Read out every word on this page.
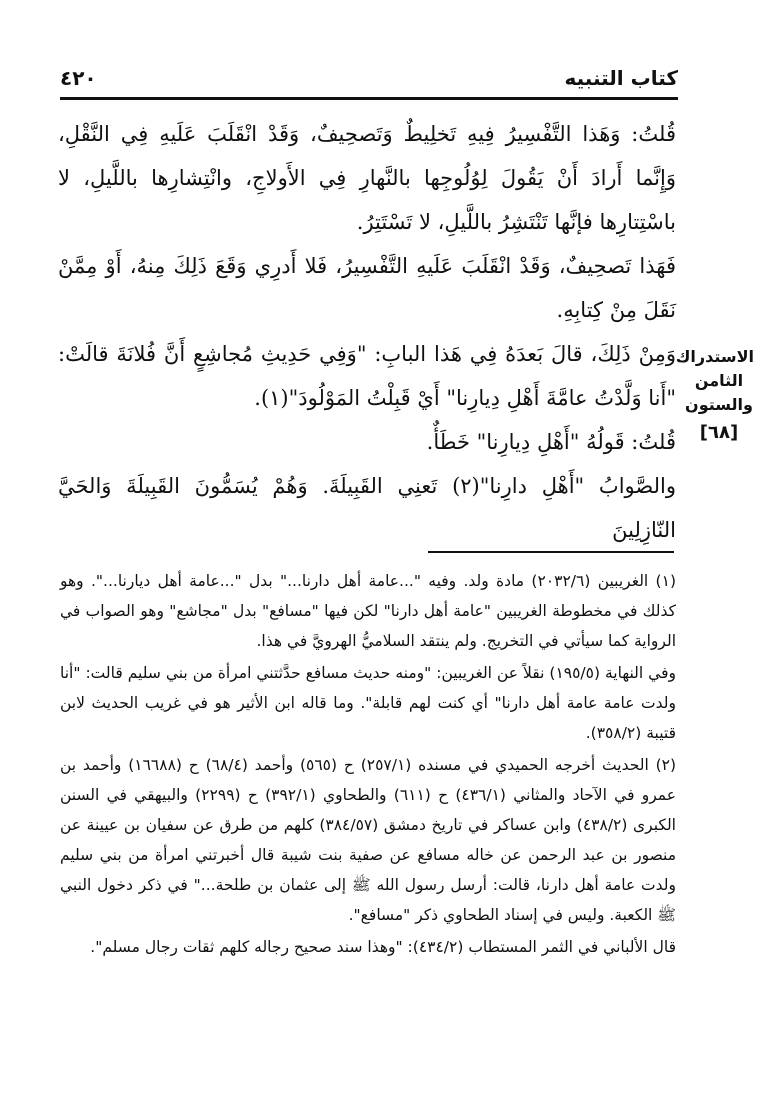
كتاب التنبيه
٤٢٠

قُلتُ: وَهَذا التَّفْسِيرُ فِيهِ تَخلِيطٌ وَتَصحِيفٌ، وَقَدْ انْقَلَبَ عَلَيهِ فِي النَّقْلِ، وَإِنَّما أَرادَ أَنْ يَقُولَ لِوُلُوجِها بالنَّهارِ فِي الأَولاجِ، وانْتِشارِها باللَّيلِ، لا باسْتِتارِها فإنَّها تَنْتَشِرُ باللَّيلِ، لا تَسْتَتِرُ.

فَهَذا تَصحِيفٌ، وَقَدْ انْقَلَبَ عَلَيهِ التَّفْسِيرُ، فَلا أَدرِي وَقَعَ ذَلِكَ مِنهُ، أَوْ مِمَّنْ نَقَلَ مِنْ كِتابِهِ.

وَمِنْ ذَلِكَ، قالَ بَعدَهُ فِي هَذا البابِ: "وَفِي حَدِيثِ مُجاشِعٍ أَنَّ فُلانَةَ قالَتْ: "أَنا وَلَّدْتُ عامَّةَ أَهْلِ دِيارِنا" أَيْ قَبِلْتُ المَوْلُودَ"(١).

قُلتُ: قَولُهُ "أَهْلِ دِيارِنا" خَطَأٌ.

والصَّوابُ "أَهْلِ دارِنا"(٢) تَعنِي القَبِيلَةَ. وَهُمْ يُسَمُّونَ القَبِيلَةَ وَالحَيَّ النّازِلِينَ

الاستدراك
الثامن
والستون
[٦٨]

(١) الغريبين (٢٠٣٢/٦) مادة ولد. وفيه "...عامة أهل دارنا..." بدل "...عامة أهل ديارنا...". وهو كذلك في مخطوطة الغريبين "عامة أهل دارنا" لكن فيها "مسافع" بدل "مجاشع" وهو الصواب في الرواية كما سيأتي في التخريج. ولم ينتقد السلاميُّ الهرويَّ في هذا.

وفي النهاية (١٩٥/٥) نقلاً عن الغريبين: "ومنه حديث مسافع حدَّثتني امرأة من بني سليم قالت: "أنا ولدت عامة عامة أهل دارنا" أي كنت لهم قابلة". وما قاله ابن الأثير هو في غريب الحديث لابن قتيبة (٣٥٨/٢).

(٢) الحديث أخرجه الحميدي في مسنده (٢٥٧/١) ح (٥٦٥) وأحمد (٦٨/٤) ح (١٦٦٨٨) وأحمد بن عمرو في الآحاد والمثاني (٤٣٦/١) ح (٦١١) والطحاوي (٣٩٢/١) ح (٢٢٩٩) والبيهقي في السنن الكبرى (٤٣٨/٢) وابن عساكر في تاريخ دمشق (٣٨٤/٥٧) كلهم من طرق عن سفيان بن عيينة عن منصور بن عبد الرحمن عن خاله مسافع عن صفية بنت شيبة قال أخبرتني امرأة من بني سليم ولدت عامة أهل دارنا، قالت: أرسل رسول الله ﷺ إلى عثمان بن طلحة..." في ذكر دخول النبي ﷺ الكعبة. وليس في إسناد الطحاوي ذكر "مسافع".

قال الألباني في الثمر المستطاب (٤٣٤/٢): "وهذا سند صحيح رجاله كلهم ثقات رجال مسلم".
